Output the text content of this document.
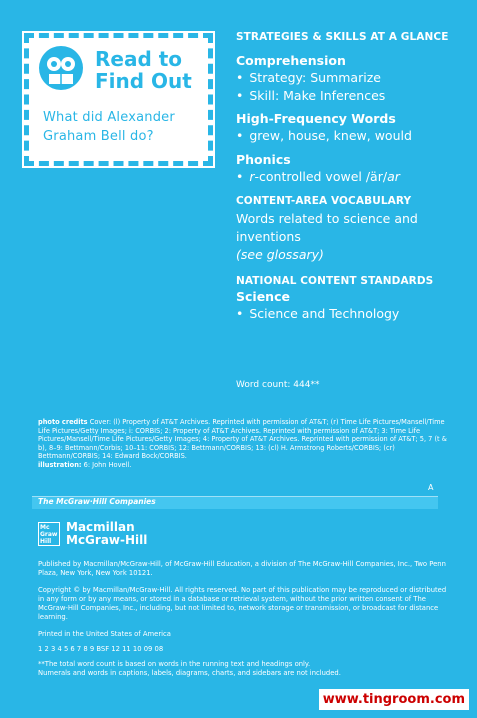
Read to
Find Out
What did Alexander
Graham Bell do?
STRATEGIES & SKILLS AT A GLANCE
Comprehension
• Strategy: Summarize
• Skill: Make Inferences
High-Frequency Words
• grew, house, knew, would
Phonics
• r-controlled vowel /är/ar
CONTENT-AREA VOCABULARY
Words related to science and
inventions
(see glossary)
NATIONAL CONTENT STANDARDS
Science
• Science and Technology
Word count: 444**
photo credits Cover: (l) Property of AT&T Archives. Reprinted with permission of AT&T; (r) Time Life Pictures/Mansell/Time Life Pictures/Getty Images; i: CORBIS; 2: Property of AT&T Archives. Reprinted with permission of AT&T; 3: Time Life Pictures/Mansell/Time Life Pictures/Getty Images; 4: Property of AT&T Archives. Reprinted with permission of AT&T; 5, 7 (t & b), 8–9: Bettmann/Corbis; 10–11: CORBIS; 12: Bettmann/CORBIS; 13: (cl) H. Armstrong Roberts/CORBIS; (cr) Bettmann/CORBIS; 14: Edward Bock/CORBIS.
illustration: 6: John Hovell.
A
The McGraw·Hill Companies
Mc
Graw
Hill
Macmillan
McGraw-Hill
Published by Macmillan/McGraw-Hill, of McGraw-Hill Education, a division of The McGraw-Hill Companies, Inc., Two Penn Plaza, New York, New York 10121.
Copyright © by Macmillan/McGraw-Hill. All rights reserved. No part of this publication may be reproduced or distributed in any form or by any means, or stored in a database or retrieval system, without the prior written consent of The McGraw-Hill Companies, Inc., including, but not limited to, network storage or transmission, or broadcast for distance learning.
Printed in the United States of America
1 2 3 4 5 6 7 8 9 BSF 12 11 10 09 08
**The total word count is based on words in the running text and headings only.
Numerals and words in captions, labels, diagrams, charts, and sidebars are not included.
www.tingroom.com
